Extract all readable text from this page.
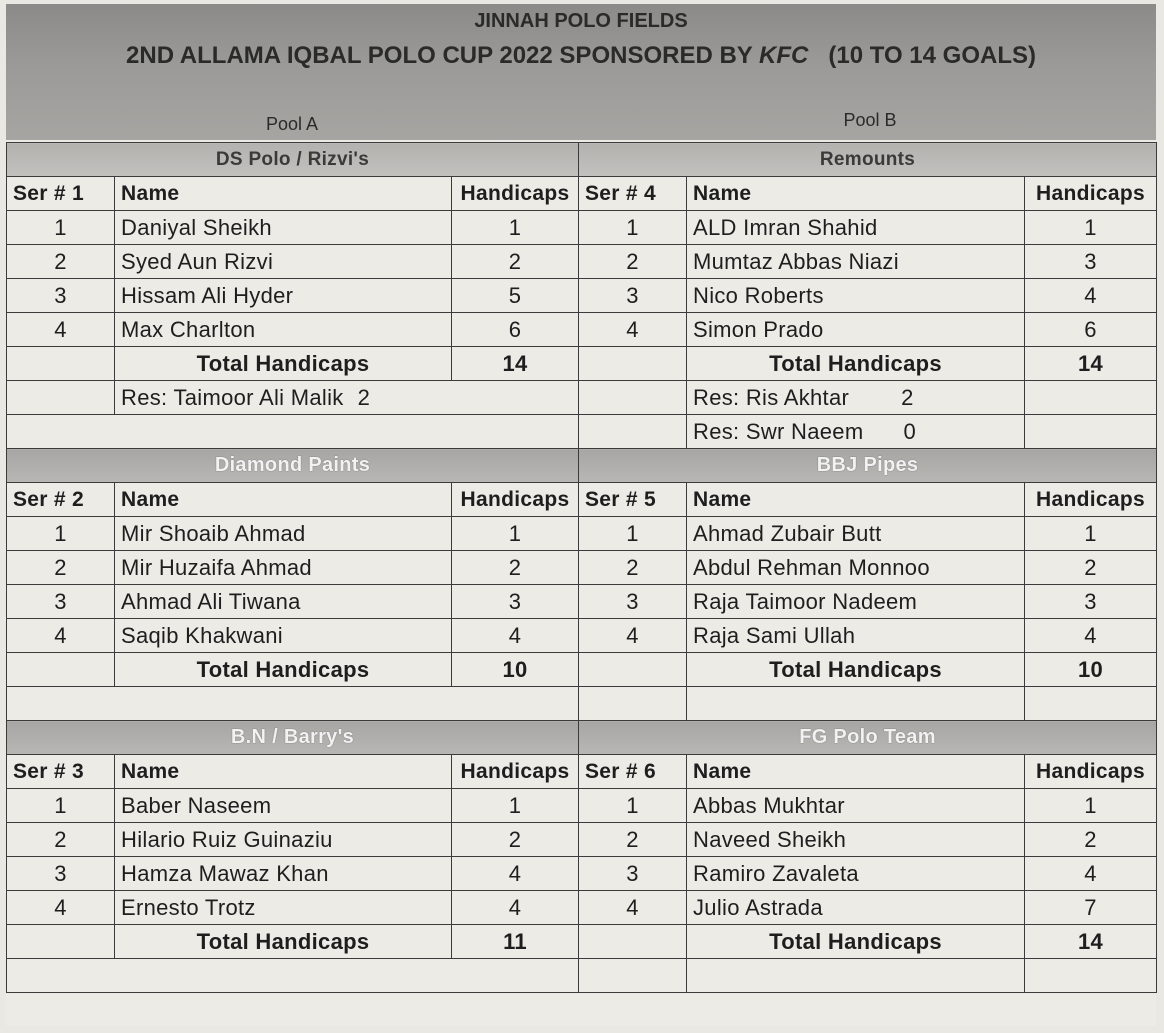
JINNAH POLO FIELDS
2ND ALLAMA IQBAL POLO CUP 2022 SPONSORED BY KFC (10 TO 14 GOALS)
Pool A	Pool B
DS Polo / Rizvi's			Remounts		
Ser # 1	Name	Handicaps	Ser # 4	Name	Handicaps
1	Daniyal Sheikh	1	1	ALD Imran Shahid	1
2	Syed Aun Rizvi	2	2	Mumtaz Abbas Niazi	3
3	Hissam Ali Hyder	5	3	Nico Roberts	4
4	Max Charlton	6	4	Simon Prado	6
	Total Handicaps	14		Total Handicaps	14
	Res: Taimoor Ali Malik 2			Res: Ris Akhtar 2	
				Res: Swr Naeem 0	
Diamond Paints			BBJ Pipes		
Ser # 2	Name	Handicaps	Ser # 5	Name	Handicaps
1	Mir Shoaib Ahmad	1	1	Ahmad Zubair Butt	1
2	Mir Huzaifa Ahmad	2	2	Abdul Rehman Monnoo	2
3	Ahmad Ali Tiwana	3	3	Raja Taimoor Nadeem	3
4	Saqib Khakwani	4	4	Raja Sami Ullah	4
	Total Handicaps	10		Total Handicaps	10

B.N / Barry's			FG Polo Team		
Ser # 3	Name	Handicaps	Ser # 6	Name	Handicaps
1	Baber Naseem	1	1	Abbas Mukhtar	1
2	Hilario Ruiz Guinaziu	2	2	Naveed Sheikh	2
3	Hamza Mawaz Khan	4	3	Ramiro Zavaleta	4
4	Ernesto Trotz	4	4	Julio Astrada	7
	Total Handicaps	11		Total Handicaps	14
